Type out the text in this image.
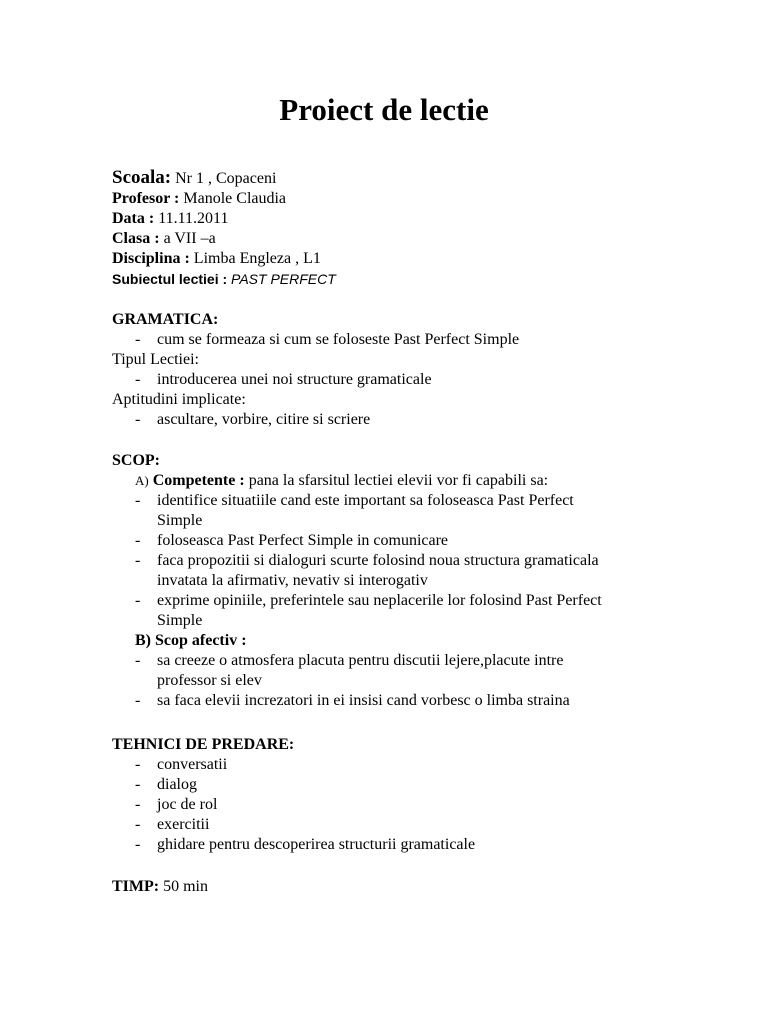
Proiect de lectie
Scoala: Nr 1 , Copaceni
Profesor : Manole Claudia
Data : 11.11.2011
Clasa : a VII –a
Disciplina : Limba Engleza , L1
Subiectul lectiei : PAST PERFECT
GRAMATICA:
- cum se formeaza si cum se foloseste Past Perfect Simple
Tipul Lectiei:
- introducerea unei noi structure gramaticale
Aptitudini implicate:
- ascultare, vorbire, citire si scriere
SCOP:
A) Competente : pana la sfarsitul lectiei elevii vor fi capabili sa:
- identifice situatiile cand este important sa foloseasca Past Perfect
Simple
- foloseasca Past Perfect Simple in comunicare
- faca propozitii si dialoguri scurte folosind noua structura gramaticala
invatata la afirmativ, nevativ si interogativ
- exprime opiniile, preferintele sau neplacerile lor folosind Past Perfect
Simple
B) Scop afectiv :
- sa creeze o atmosfera placuta pentru discutii lejere,placute intre
professor si elev
- sa faca elevii increzatori in ei insisi cand vorbesc o limba straina
TEHNICI DE PREDARE:
- conversatii
- dialog
- joc de rol
- exercitii
- ghidare pentru descoperirea structurii gramaticale
TIMP: 50 min
